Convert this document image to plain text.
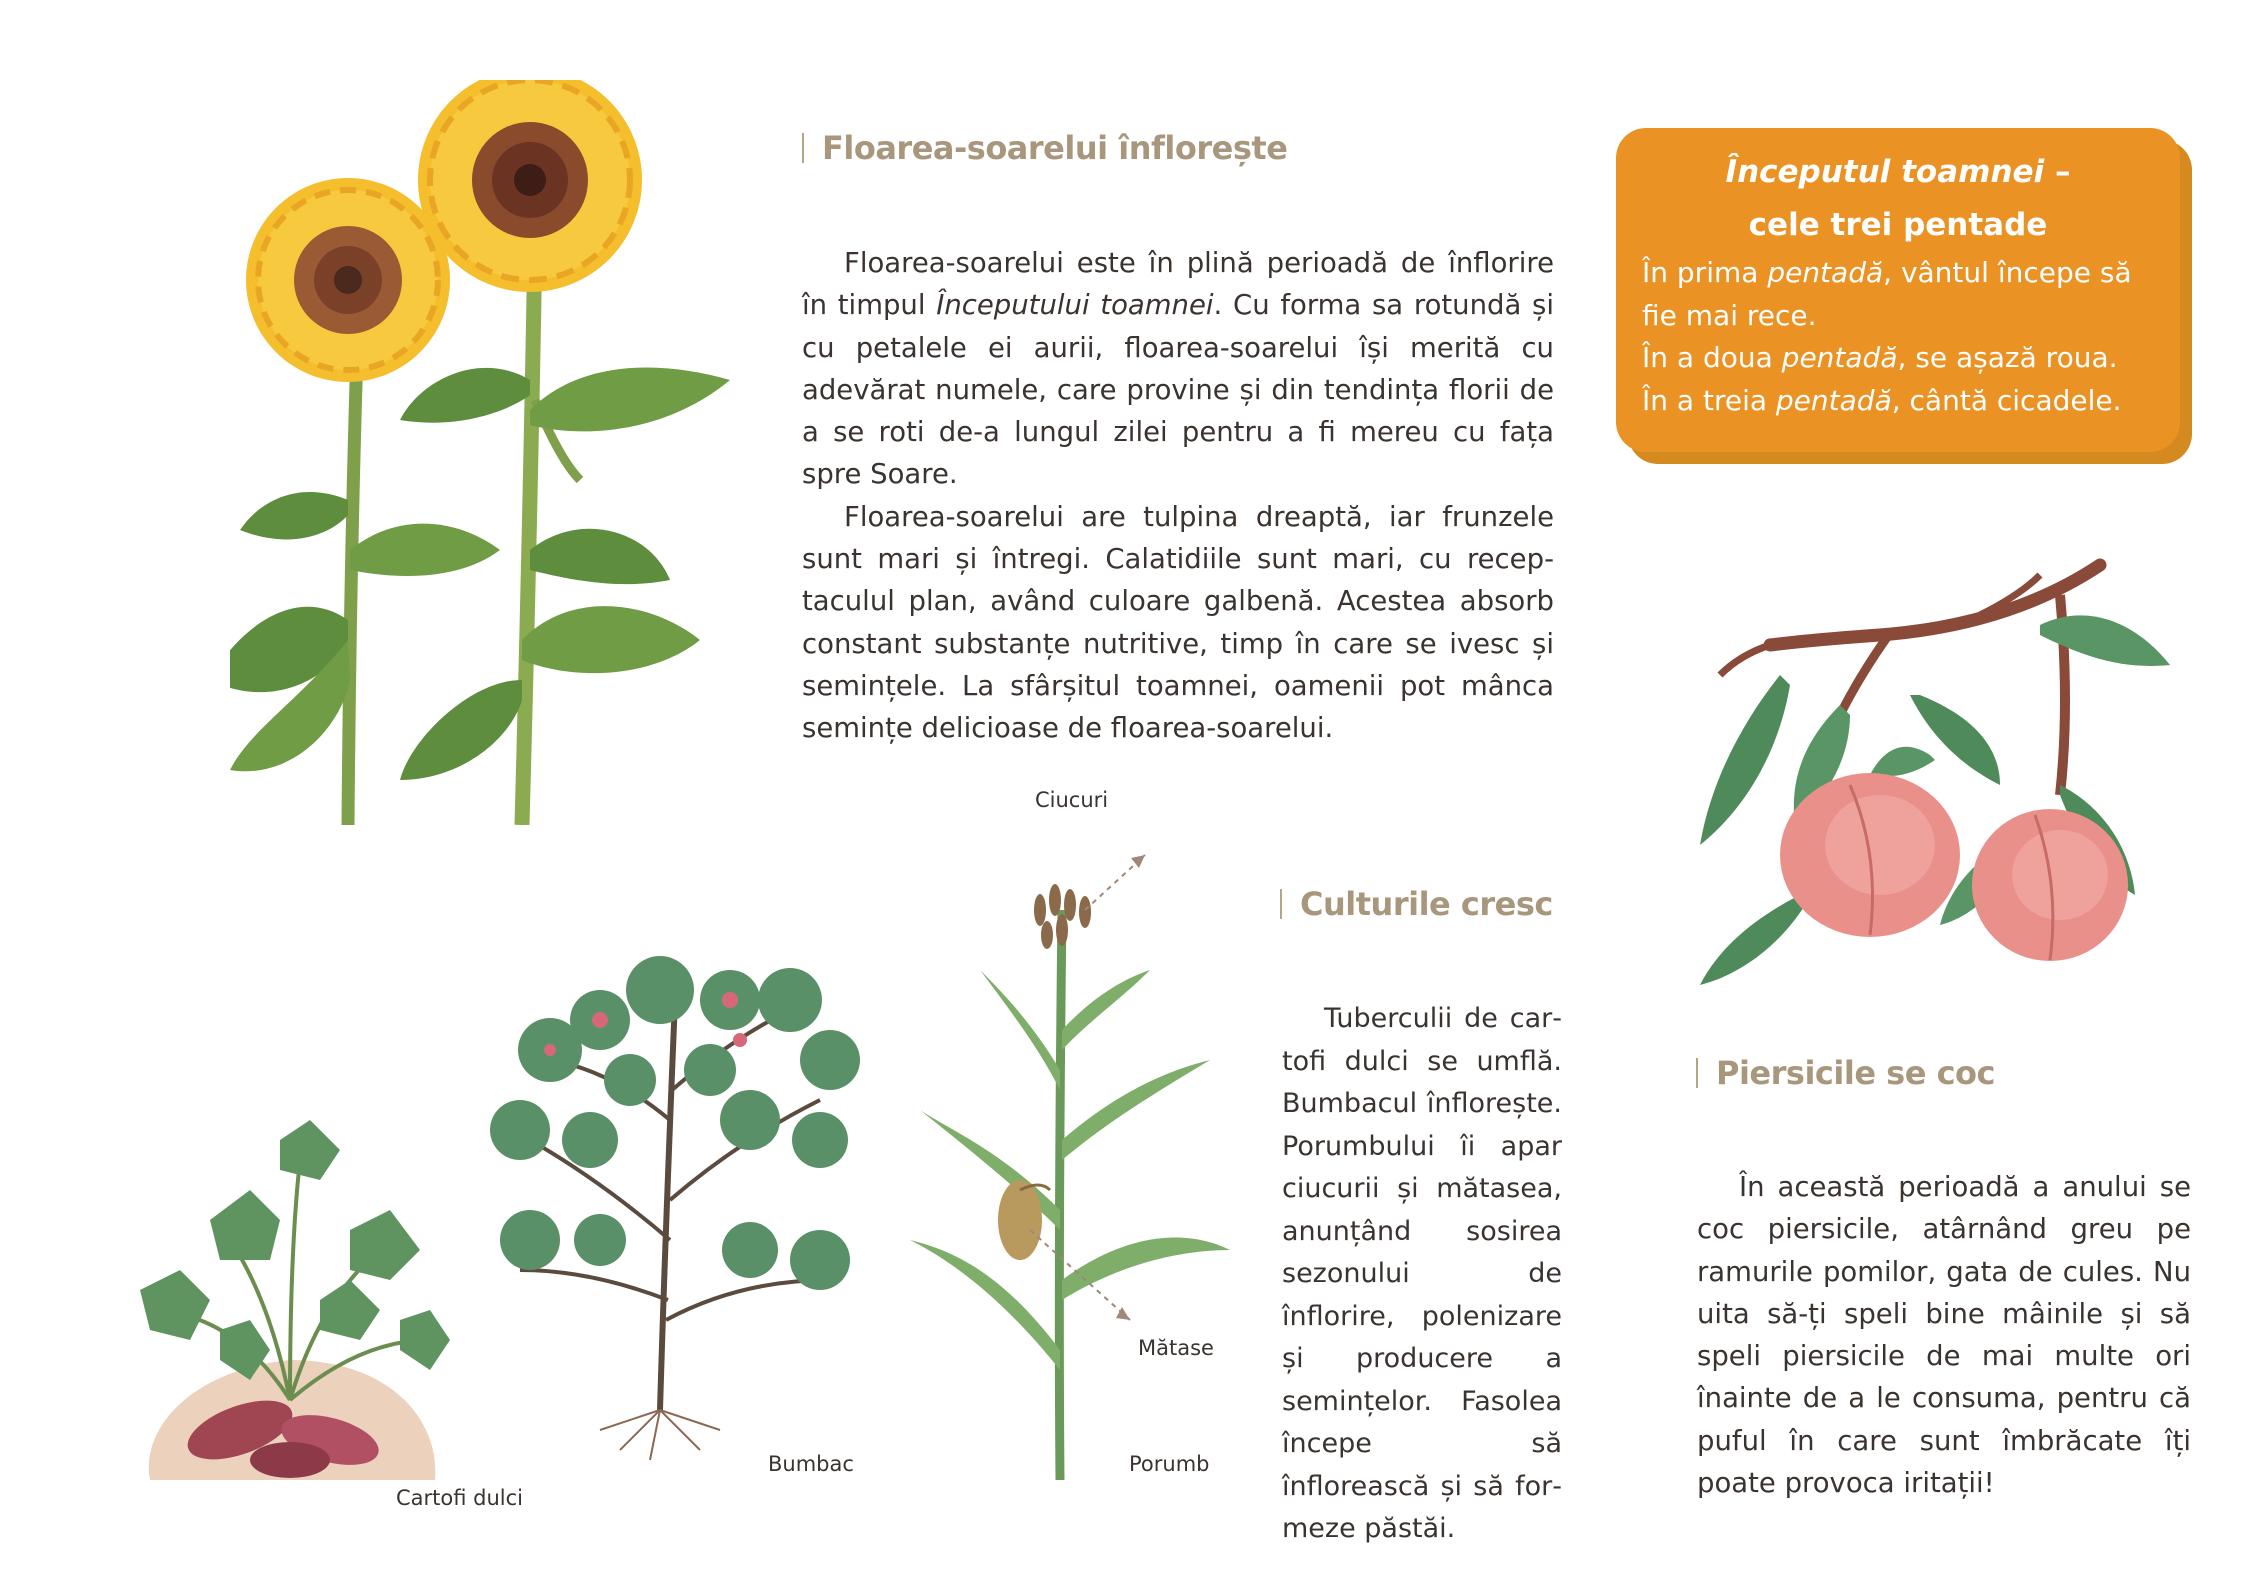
Floarea-soarelui înflorește

Floarea-soarelui este în plină perioadă de înflorire în timpul Începutului toamnei. Cu forma sa rotundă și cu petalele ei aurii, floarea-soarelui își merită cu adevărat numele, care provine și din tendința florii de a se roti de-a lungul zilei pentru a fi mereu cu fața spre Soare.

Floarea-soarelui are tulpina dreaptă, iar frunzele sunt mari și întregi. Calatidiile sunt mari, cu receptaculul plan, având culoare galbenă. Acestea absorb constant substanțe nutritive, timp în care se ivesc și semințele. La sfârșitul toamnei, oamenii pot mânca semințe delicioase de floarea-soarelui.

Începutul toamnei –
cele trei pentade
În prima pentadă, vântul începe să fie mai rece.
În a doua pentadă, se așază roua.
În a treia pentadă, cântă cicadele.
Piersicile se coc

În această perioadă a anului se coc piersicile, atârnând greu pe ramurile pomilor, gata de cules. Nu uita să-ți speli bine mâinile și să speli piersicile de mai multe ori înainte de a le consuma, pentru că puful în care sunt îmbrăcate îți poate provoca iritații!

Ciucuri
Mătase
Cartofi dulci
Bumbac	Porumb
Culturile cresc

Tuberculii de cartofi dulci se umflă. Bumbacul înflorește. Porumbului îi apar ciucurii și mătasea, anunțând sosirea sezonului de înflorire, polenizare și producere a semințelor. Fasolea începe să înflorească și să formeze păstăi.
